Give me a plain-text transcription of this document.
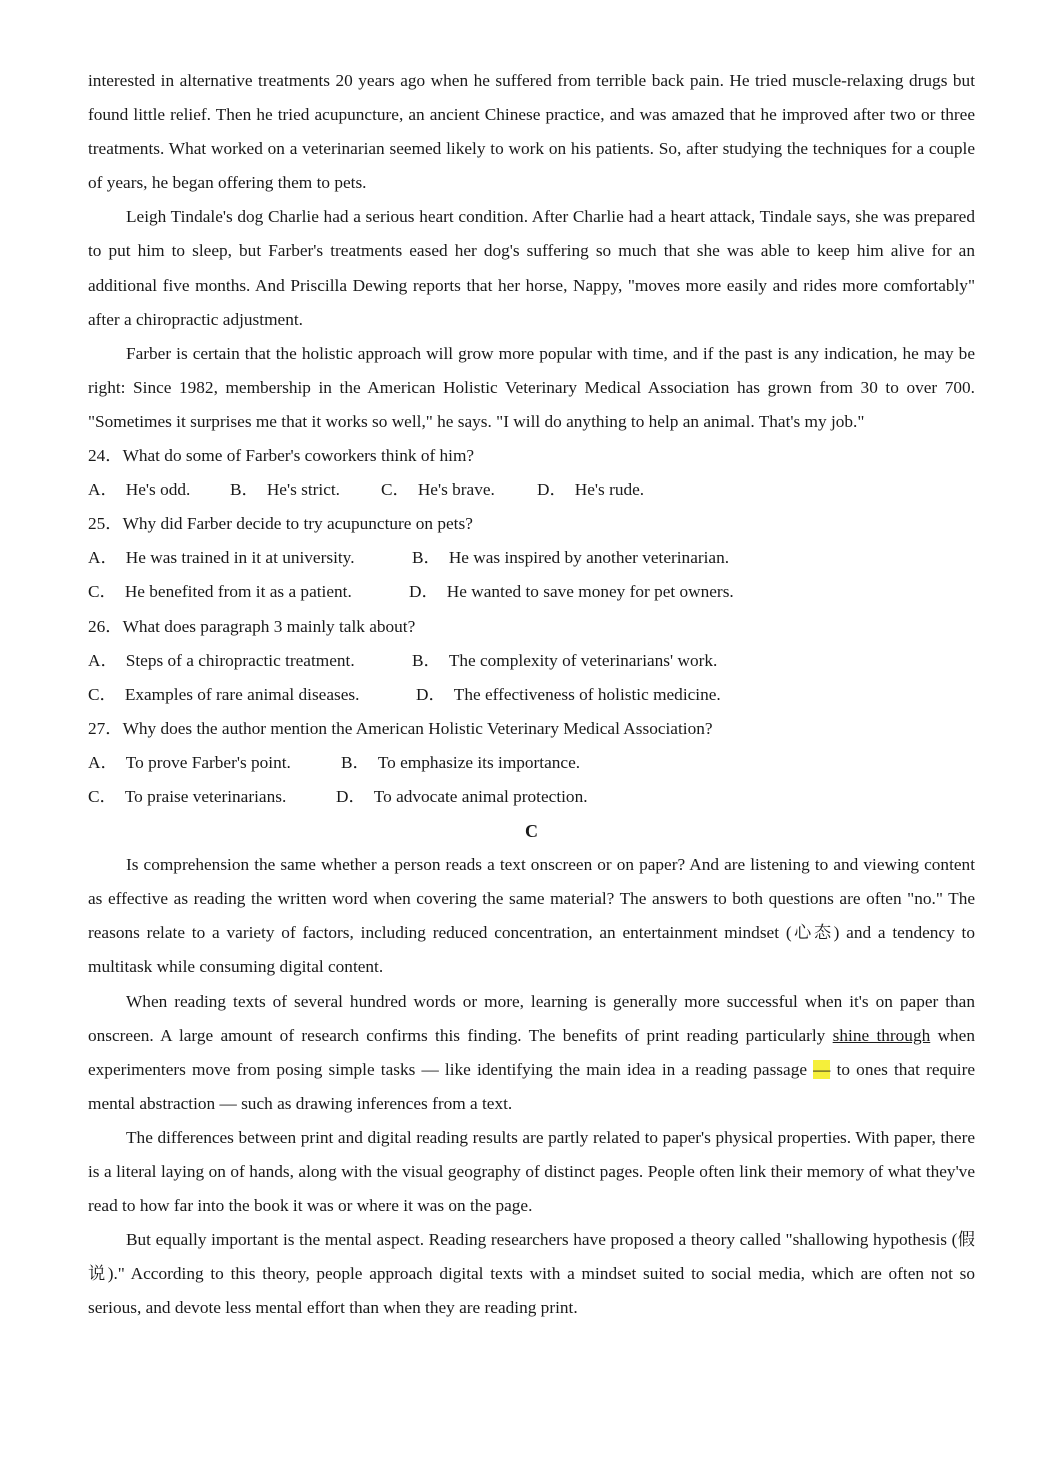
interested in alternative treatments 20 years ago when he suffered from terrible back pain. He tried muscle-relaxing drugs but found little relief. Then he tried acupuncture, an ancient Chinese practice, and was amazed that he improved after two or three treatments. What worked on a veterinarian seemed likely to work on his patients. So, after studying the techniques for a couple of years, he began offering them to pets.

Leigh Tindale's dog Charlie had a serious heart condition. After Charlie had a heart attack, Tindale says, she was prepared to put him to sleep, but Farber's treatments eased her dog's suffering so much that she was able to keep him alive for an additional five months. And Priscilla Dewing reports that her horse, Nappy, "moves more easily and rides more comfortably" after a chiropractic adjustment.

Farber is certain that the holistic approach will grow more popular with time, and if the past is any indication, he may be right: Since 1982, membership in the American Holistic Veterinary Medical Association has grown from 30 to over 700. "Sometimes it surprises me that it works so well," he says. "I will do anything to help an animal. That's my job."

24．What do some of Farber's coworkers think of him?

A． He's odd.	B． He's strict.	C． He's brave.	D． He's rude.

25．Why did Farber decide to try acupuncture on pets?

A． He was trained in it at university.	B． He was inspired by another veterinarian.
C． He benefited from it as a patient.	D． He wanted to save money for pet owners.

26．What does paragraph 3 mainly talk about?

A． Steps of a chiropractic treatment.	B． The complexity of veterinarians' work.
C． Examples of rare animal diseases.	D． The effectiveness of holistic medicine.

27．Why does the author mention the American Holistic Veterinary Medical Association?

A． To prove Farber's point.	B． To emphasize its importance.
C． To praise veterinarians.	D． To advocate animal protection.

C

Is comprehension the same whether a person reads a text onscreen or on paper? And are listening to and viewing content as effective as reading the written word when covering the same material? The answers to both questions are often "no." The reasons relate to a variety of factors, including reduced concentration, an entertainment mindset (心态) and a tendency to multitask while consuming digital content.

When reading texts of several hundred words or more, learning is generally more successful when it's on paper than onscreen. A large amount of research confirms this finding. The benefits of print reading particularly shine through when experimenters move from posing simple tasks — like identifying the main idea in a reading passage — to ones that require mental abstraction — such as drawing inferences from a text.

The differences between print and digital reading results are partly related to paper's physical properties. With paper, there is a literal laying on of hands, along with the visual geography of distinct pages. People often link their memory of what they've read to how far into the book it was or where it was on the page.

But equally important is the mental aspect. Reading researchers have proposed a theory called "shallowing hypothesis (假说)." According to this theory, people approach digital texts with a mindset suited to social media, which are often not so serious, and devote less mental effort than when they are reading print.
